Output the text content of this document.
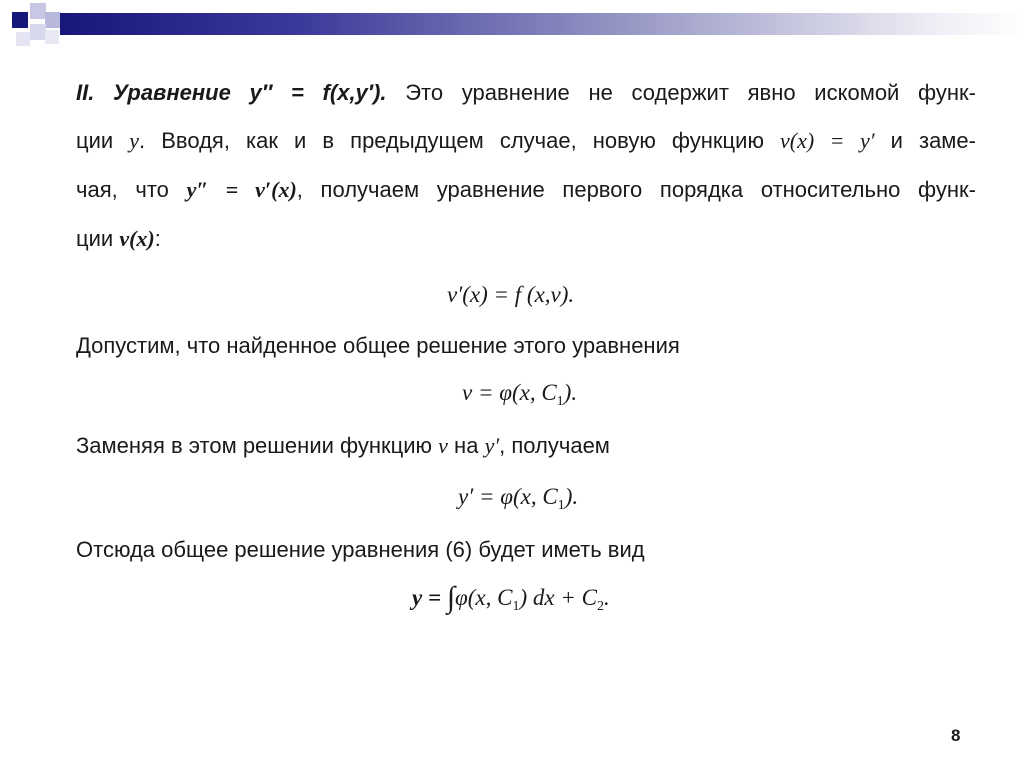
II. Уравнение y″ = f(x,y′). Это уравнение не содержит явно искомой функ-
ции y. Вводя, как и в предыдущем случае, новую функцию v(x) = y′ и заме-
чая, что y″ = v′(x), получаем уравнение первого порядка относительно функ-
ции v(x):
v′(x) = f (x,v).
Допустим, что найденное общее решение этого уравнения
v = φ(x, $C_1$).
Заменяя в этом решении функцию v на y′, получаем
y′ = φ(x, $C_1$).
Отсюда общее решение уравнения (6) будет иметь вид
y = ∫φ(x, $C_1$) dx + $C_2$.
8
